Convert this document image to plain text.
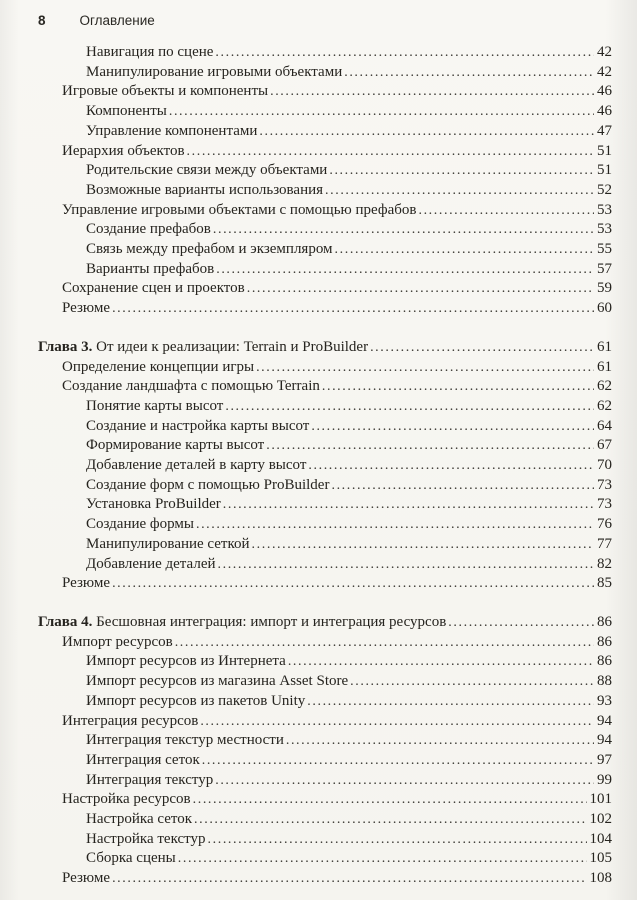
8	Оглавление
Навигация по сцене .....	42
Манипулирование игровыми объектами .....	42
Игровые объекты и компоненты .....	46
Компоненты .....	46
Управление компонентами .....	47
Иерархия объектов .....	51
Родительские связи между объектами .....	51
Возможные варианты использования .....	52
Управление игровыми объектами с помощью префабов .....	53
Создание префабов .....	53
Связь между префабом и экземпляром .....	55
Варианты префабов .....	57
Сохранение сцен и проектов .....	59
Резюме .....	60
Глава 3. От идеи к реализации: Terrain и ProBuilder .....	61
Определение концепции игры .....	61
Создание ландшафта с помощью Terrain .....	62
Понятие карты высот .....	62
Создание и настройка карты высот .....	64
Формирование карты высот .....	67
Добавление деталей в карту высот .....	70
Создание форм с помощью ProBuilder .....	73
Установка ProBuilder .....	73
Создание формы .....	76
Манипулирование сеткой .....	77
Добавление деталей .....	82
Резюме .....	85
Глава 4. Бесшовная интеграция: импорт и интеграция ресурсов .....	86
Импорт ресурсов .....	86
Импорт ресурсов из Интернета .....	86
Импорт ресурсов из магазина Asset Store .....	88
Импорт ресурсов из пакетов Unity .....	93
Интеграция ресурсов .....	94
Интеграция текстур местности .....	94
Интеграция сеток .....	97
Интеграция текстур .....	99
Настройка ресурсов .....	101
Настройка сеток .....	102
Настройка текстур .....	104
Сборка сцены .....	105
Резюме .....	108
